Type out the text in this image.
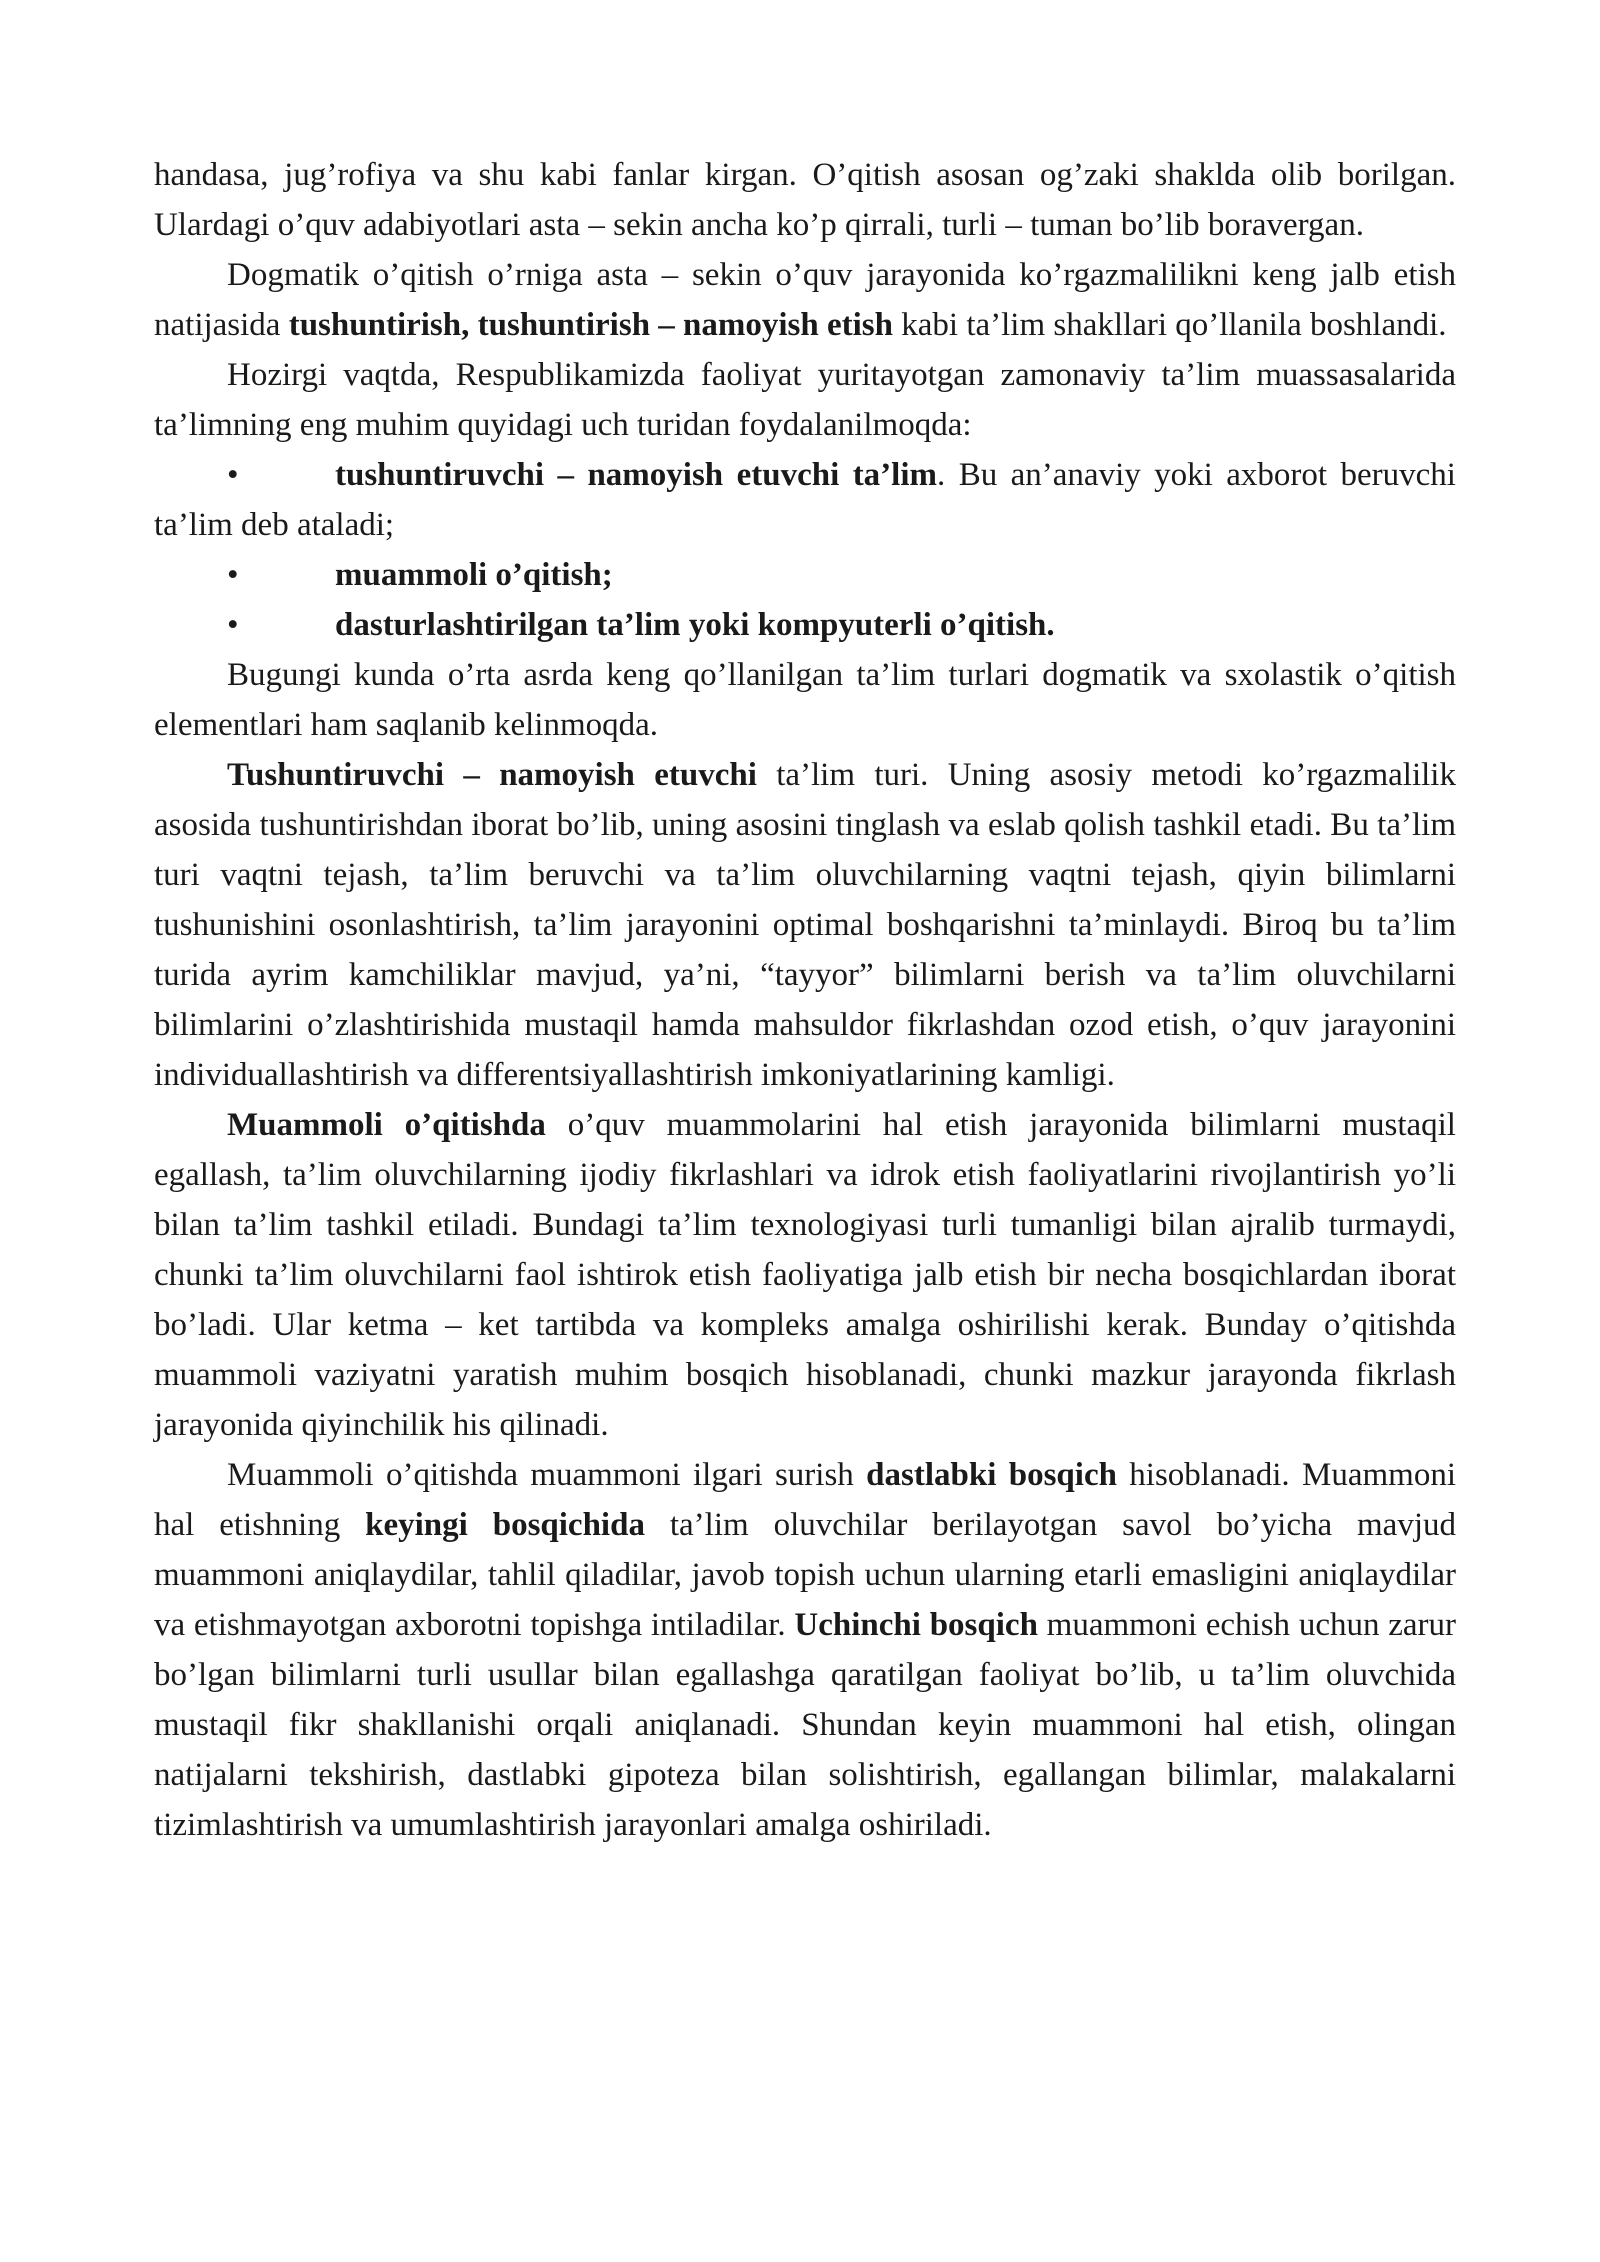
handasa, jug’rofiya va shu kabi fanlar kirgan. O’qitish asosan og’zaki shaklda olib borilgan. Ulardagi o’quv adabiyotlari asta – sekin ancha ko’p qirrali, turli – tuman bo’lib boravergan.

Dogmatik o’qitish o’rniga asta – sekin o’quv jarayonida ko’rgazmalilikni keng jalb etish natijasida tushuntirish, tushuntirish – namoyish etish kabi ta’lim shakllari qo’llanila boshlandi.

Hozirgi vaqtda, Respublikamizda faoliyat yuritayotgan zamonaviy ta’lim muassasalarida ta’limning eng muhim quyidagi uch turidan foydalanilmoqda:

•	tushuntiruvchi – namoyish etuvchi ta’lim. Bu an’anaviy yoki axborot beruvchi ta’lim deb ataladi;

•	muammoli o’qitish;

•	dasturlashtirilgan ta’lim yoki kompyuterli o’qitish.

Bugungi kunda o’rta asrda keng qo’llanilgan ta’lim turlari dogmatik va sxolastik o’qitish elementlari ham saqlanib kelinmoqda.

Tushuntiruvchi – namoyish etuvchi ta’lim turi. Uning asosiy metodi ko’rgazmalilik asosida tushuntirishdan iborat bo’lib, uning asosini tinglash va eslab qolish tashkil etadi. Bu ta’lim turi vaqtni tejash, ta’lim beruvchi va ta’lim oluvchilarning vaqtni tejash, qiyin bilimlarni tushunishini osonlashtirish, ta’lim jarayonini optimal boshqarishni ta’minlaydi. Biroq bu ta’lim turida ayrim kamchiliklar mavjud, ya’ni, “tayyor” bilimlarni berish va ta’lim oluvchilarni bilimlarini o’zlashtirishida mustaqil hamda mahsuldor fikrlashdan ozod etish, o’quv jarayonini individuallashtirish va differentsiyallashtirish imkoniyatlarining kamligi.

Muammoli o’qitishda o’quv muammolarini hal etish jarayonida bilimlarni mustaqil egallash, ta’lim oluvchilarning ijodiy fikrlashlari va idrok etish faoliyatlarini rivojlantirish yo’li bilan ta’lim tashkil etiladi. Bundagi ta’lim texnologiyasi turli tumanligi bilan ajralib turmaydi, chunki ta’lim oluvchilarni faol ishtirok etish faoliyatiga jalb etish bir necha bosqichlardan iborat bo’ladi. Ular ketma – ket tartibda va kompleks amalga oshirilishi kerak. Bunday o’qitishda muammoli vaziyatni yaratish muhim bosqich hisoblanadi, chunki mazkur jarayonda fikrlash jarayonida qiyinchilik his qilinadi.

Muammoli o’qitishda muammoni ilgari surish dastlabki bosqich hisoblanadi. Muammoni hal etishning keyingi bosqichida ta’lim oluvchilar berilayotgan savol bo’yicha mavjud muammoni aniqlaydilar, tahlil qiladilar, javob topish uchun ularning etarli emasligini aniqlaydilar va etishmayotgan axborotni topishga intiladilar. Uchinchi bosqich muammoni echish uchun zarur bo’lgan bilimlarni turli usullar bilan egallashga qaratilgan faoliyat bo’lib, u ta’lim oluvchida mustaqil fikr shakllanishi orqali aniqlanadi. Shundan keyin muammoni hal etish, olingan natijalarni tekshirish, dastlabki gipoteza bilan solishtirish, egallangan bilimlar, malakalarni tizimlashtirish va umumlashtirish jarayonlari amalga oshiriladi.
